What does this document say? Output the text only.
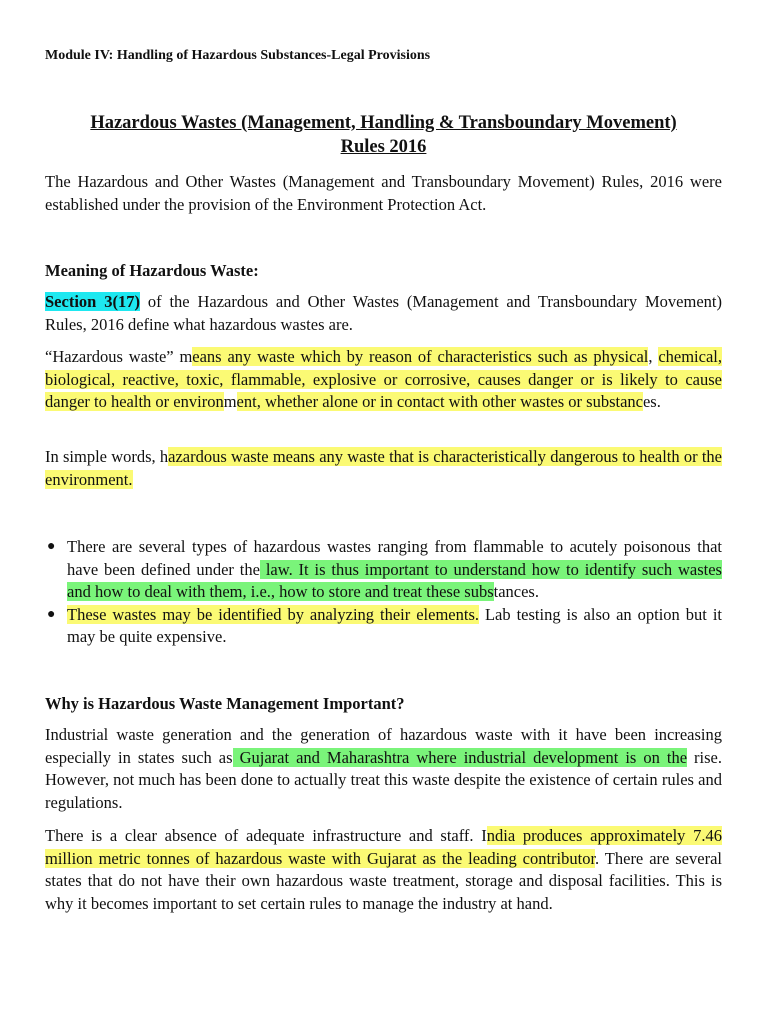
Module IV: Handling of Hazardous Substances-Legal Provisions
Hazardous Wastes (Management, Handling & Transboundary Movement)
Rules 2016
The Hazardous and Other Wastes (Management and Transboundary Movement) Rules, 2016 were established under the provision of the Environment Protection Act.
Meaning of Hazardous Waste:
Section 3(17) of the Hazardous and Other Wastes (Management and Transboundary Movement) Rules, 2016 define what hazardous wastes are.
“Hazardous waste” means any waste which by reason of characteristics such as physical, chemical, biological, reactive, toxic, flammable, explosive or corrosive, causes danger or is likely to cause danger to health or environment, whether alone or in contact with other wastes or substances.
In simple words, hazardous waste means any waste that is characteristically dangerous to health or the environment.
● There are several types of hazardous wastes ranging from flammable to acutely poisonous that have been defined under the law. It is thus important to understand how to identify such wastes and how to deal with them, i.e., how to store and treat these substances.
● These wastes may be identified by analyzing their elements. Lab testing is also an option but it may be quite expensive.
Why is Hazardous Waste Management Important?
Industrial waste generation and the generation of hazardous waste with it have been increasing especially in states such as Gujarat and Maharashtra where industrial development is on the rise. However, not much has been done to actually treat this waste despite the existence of certain rules and regulations.
There is a clear absence of adequate infrastructure and staff. India produces approximately 7.46 million metric tonnes of hazardous waste with Gujarat as the leading contributor. There are several states that do not have their own hazardous waste treatment, storage and disposal facilities. This is why it becomes important to set certain rules to manage the industry at hand.
